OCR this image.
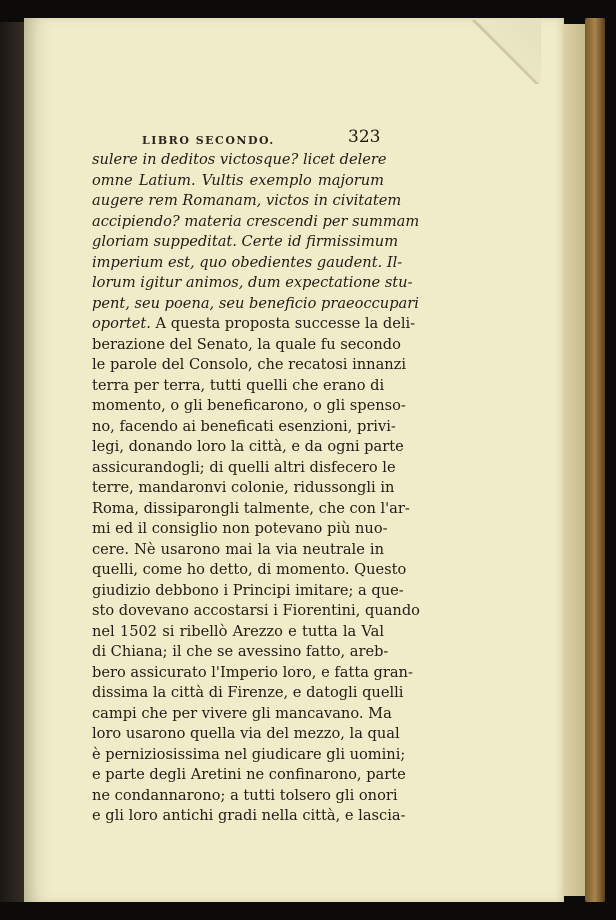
LIBRO SECONDO.	323
sulere in deditos victosque? licet delere
omne Latium. Vultis exemplo majorum
augere rem Romanam, victos in civitatem
accipiendo? materia crescendi per summam
gloriam suppeditat. Certe id firmissimum
imperium est, quo obedientes gaudent. Il-
lorum igitur animos, dum expectatione stu-
pent, seu poena, seu beneficio praeoccupari
oportet. A questa proposta successe la deli-
berazione del Senato, la quale fu secondo
le parole del Consolo, che recatosi innanzi
terra per terra, tutti quelli che erano di
momento, o gli beneficarono, o gli spenso-
no, facendo ai beneficati esenzioni, privi-
legi, donando loro la città, e da ogni parte
assicurandogli; di quelli altri disfecero le
terre, mandaronvi colonie, ridussongli in
Roma, dissiparongli talmente, che con l'ar-
mi ed il consiglio non potevano più nuo-
cere. Nè usarono mai la via neutrale in
quelli, come ho detto, di momento. Questo
giudizio debbono i Principi imitare; a que-
sto dovevano accostarsi i Fiorentini, quando
nel 1502 si ribellò Arezzo e tutta la Val
di Chiana; il che se avessino fatto, areb-
bero assicurato l'Imperio loro, e fatta gran-
dissima la città di Firenze, e datogli quelli
campi che per vivere gli mancavano. Ma
loro usarono quella via del mezzo, la qual
è perniziosissima nel giudicare gli uomini;
e parte degli Aretini ne confinarono, parte
ne condannarono; a tutti tolsero gli onori
e gli loro antichi gradi nella città, e lascia-
